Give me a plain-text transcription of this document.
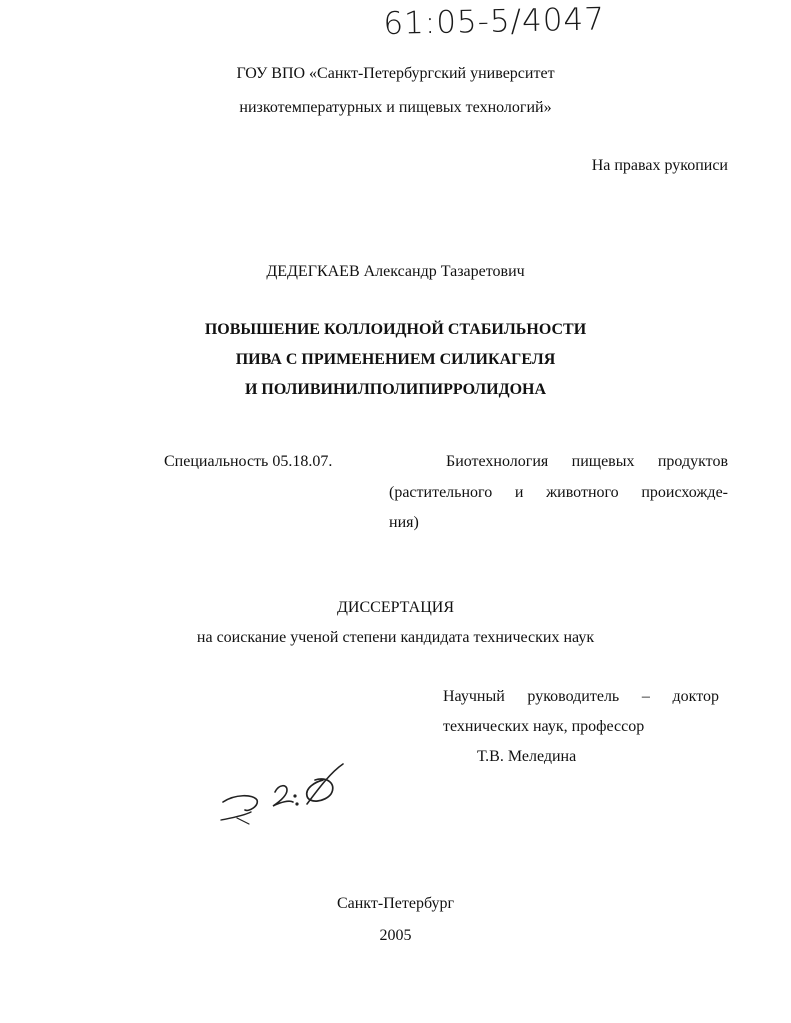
61:05-5/4047
ГОУ ВПО «Санкт-Петербургский университет
низкотемпературных и пищевых технологий»
На правах рукописи
ДЕДЕГКАЕВ Александр Тазаретович
ПОВЫШЕНИЕ КОЛЛОИДНОЙ СТАБИЛЬНОСТИ
ПИВА С ПРИМЕНЕНИЕМ СИЛИКАГЕЛЯ
И ПОЛИВИНИЛПОЛИПИРРОЛИДОНА
Специальность 05.18.07.	Биотехнология пищевых продуктов
(растительного и животного происхожде-
ния)
ДИССЕРТАЦИЯ
на соискание ученой степени кандидата технических наук
Научный руководитель – доктор
технических наук, профессор
Т.В. Меледина
Санкт-Петербург
2005
